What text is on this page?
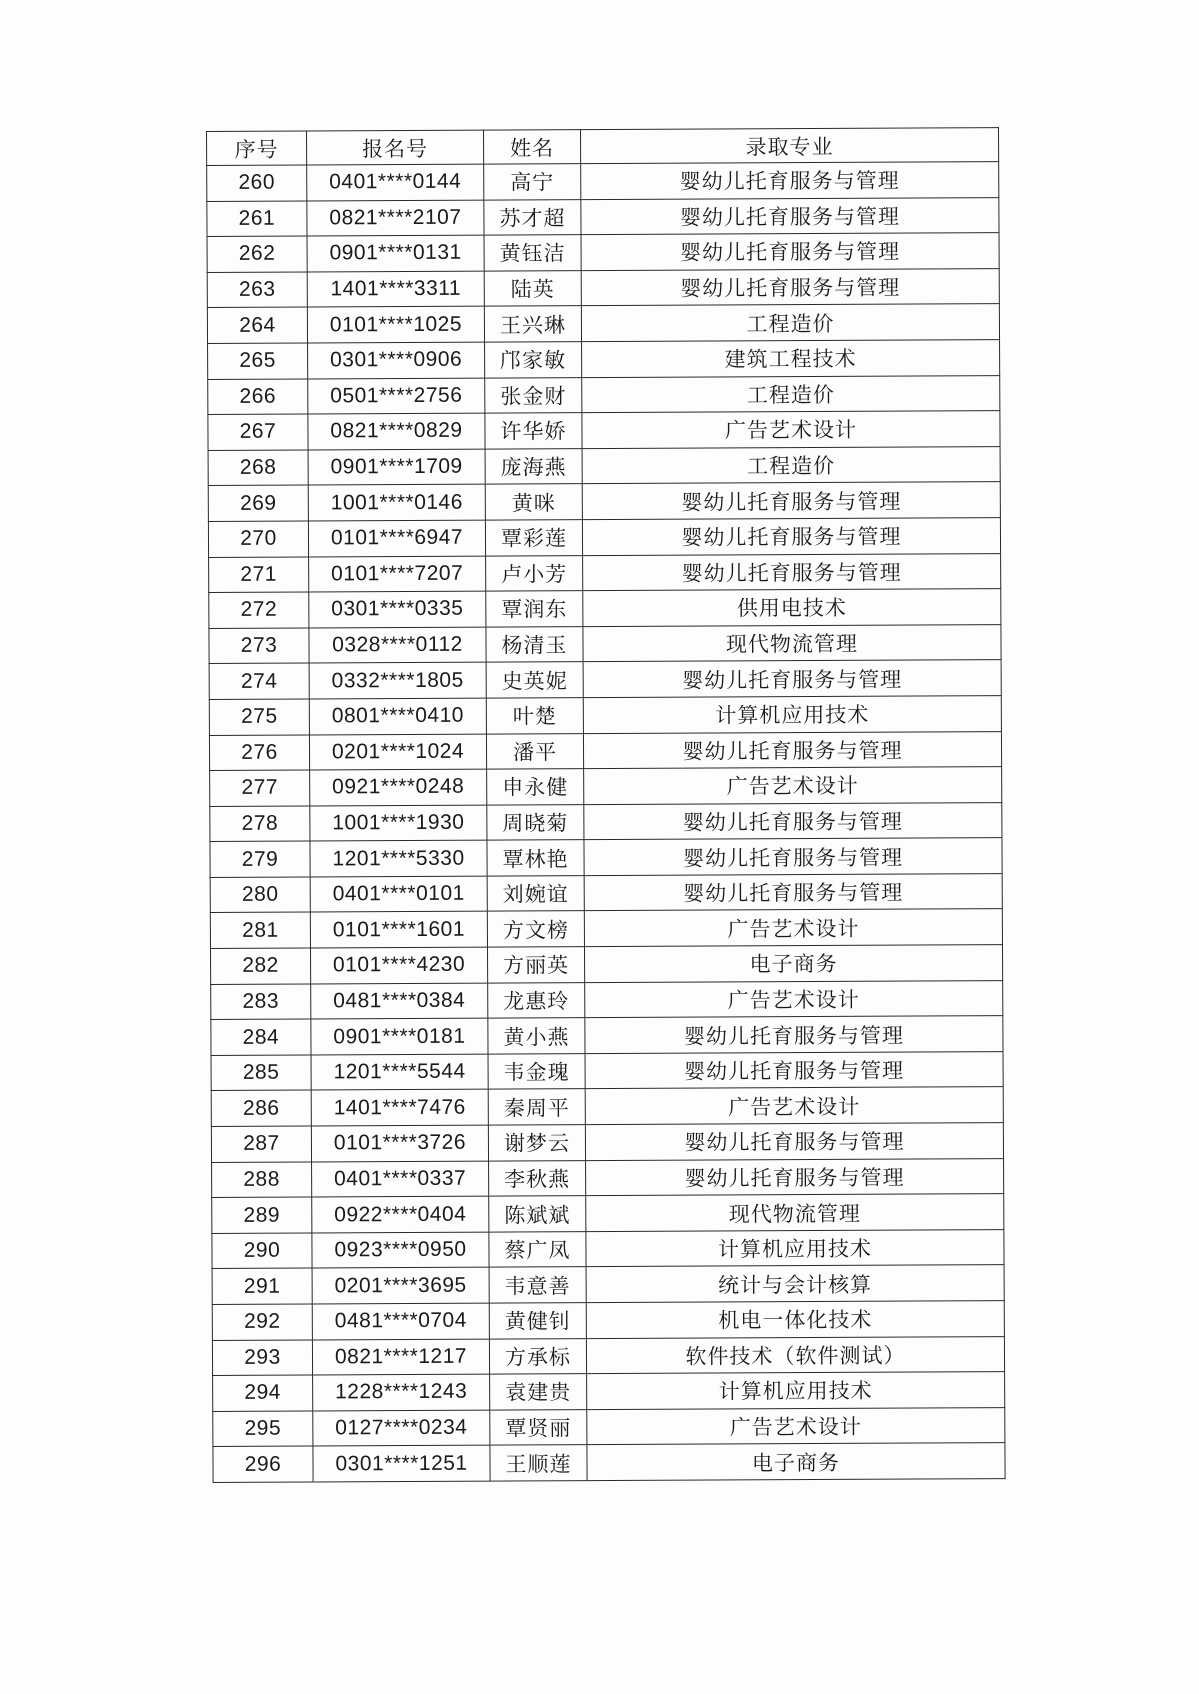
序号	报名号	姓名	录取专业
260	0401****0144	高宁	婴幼儿托育服务与管理
261	0821****2107	苏才超	婴幼儿托育服务与管理
262	0901****0131	黄钰洁	婴幼儿托育服务与管理
263	1401****3311	陆英	婴幼儿托育服务与管理
264	0101****1025	王兴琳	工程造价
265	0301****0906	邝家敏	建筑工程技术
266	0501****2756	张金财	工程造价
267	0821****0829	许华娇	广告艺术设计
268	0901****1709	庞海燕	工程造价
269	1001****0146	黄咪	婴幼儿托育服务与管理
270	0101****6947	覃彩莲	婴幼儿托育服务与管理
271	0101****7207	卢小芳	婴幼儿托育服务与管理
272	0301****0335	覃润东	供用电技术
273	0328****0112	杨清玉	现代物流管理
274	0332****1805	史英妮	婴幼儿托育服务与管理
275	0801****0410	叶楚	计算机应用技术
276	0201****1024	潘平	婴幼儿托育服务与管理
277	0921****0248	申永健	广告艺术设计
278	1001****1930	周晓菊	婴幼儿托育服务与管理
279	1201****5330	覃林艳	婴幼儿托育服务与管理
280	0401****0101	刘婉谊	婴幼儿托育服务与管理
281	0101****1601	方文榜	广告艺术设计
282	0101****4230	方丽英	电子商务
283	0481****0384	龙惠玲	广告艺术设计
284	0901****0181	黄小燕	婴幼儿托育服务与管理
285	1201****5544	韦金瑰	婴幼儿托育服务与管理
286	1401****7476	秦周平	广告艺术设计
287	0101****3726	谢梦云	婴幼儿托育服务与管理
288	0401****0337	李秋燕	婴幼儿托育服务与管理
289	0922****0404	陈斌斌	现代物流管理
290	0923****0950	蔡广凤	计算机应用技术
291	0201****3695	韦意善	统计与会计核算
292	0481****0704	黄健钊	机电一体化技术
293	0821****1217	方承标	软件技术（软件测试）
294	1228****1243	袁建贵	计算机应用技术
295	0127****0234	覃贤丽	广告艺术设计
296	0301****1251	王顺莲	电子商务
